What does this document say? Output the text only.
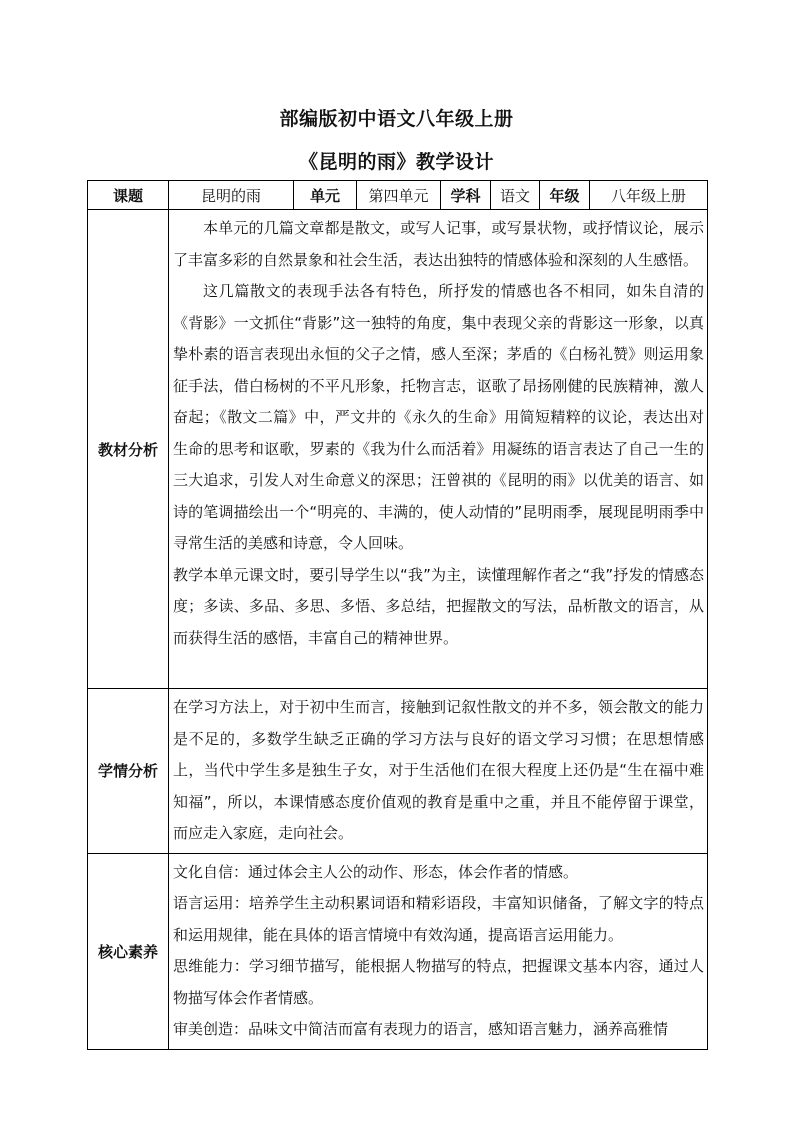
部编版初中语文八年级上册
《昆明的雨》教学设计
课题	昆明的雨	单元	第四单元	学科	语文	年级	八年级上册
教材分析	本单元的几篇文章都是散文，或写人记事，或写景状物，或抒情议论，展示了丰富多彩的自然景象和社会生活，表达出独特的情感体验和深刻的人生感悟。

这几篇散文的表现手法各有特色，所抒发的情感也各不相同，如朱自清的《背影》一文抓住“背影”这一独特的角度，集中表现父亲的背影这一形象，以真挚朴素的语言表现出永恒的父子之情，感人至深；茅盾的《白杨礼赞》则运用象征手法，借白杨树的不平凡形象，托物言志，讴歌了昂扬刚健的民族精神，激人奋起；《散文二篇》中，严文井的《永久的生命》用简短精粹的议论，表达出对生命的思考和讴歌，罗素的《我为什么而活着》用凝练的语言表达了自己一生的三大追求，引发人对生命意义的深思；汪曾祺的《昆明的雨》以优美的语言、如诗的笔调描绘出一个“明亮的、丰满的，使人动情的”昆明雨季，展现昆明雨季中寻常生活的美感和诗意，令人回味。

教学本单元课文时，要引导学生以“我”为主，读懂理解作者之“我”抒发的情感态度；多读、多品、多思、多悟、多总结，把握散文的写法，品析散文的语言，从而获得生活的感悟，丰富自己的精神世界。						

学情分析	在学习方法上，对于初中生而言，接触到记叙性散文的并不多，领会散文的能力是不足的，多数学生缺乏正确的学习方法与良好的语文学习习惯；在思想情感上，当代中学生多是独生子女，对于生活他们在很大程度上还仍是“生在福中难知福”，所以，本课情感态度价值观的教育是重中之重，并且不能停留于课堂，而应走入家庭，走向社会。						

核心素养	文化自信：通过体会主人公的动作、形态，体会作者的情感。

语言运用：培养学生主动积累词语和精彩语段，丰富知识储备，了解文字的特点和运用规律，能在具体的语言情境中有效沟通，提高语言运用能力。

思维能力：学习细节描写，能根据人物描写的特点，把握课文基本内容，通过人物描写体会作者情感。

审美创造：品味文中简洁而富有表现力的语言，感知语言魅力，涵养高雅情						
